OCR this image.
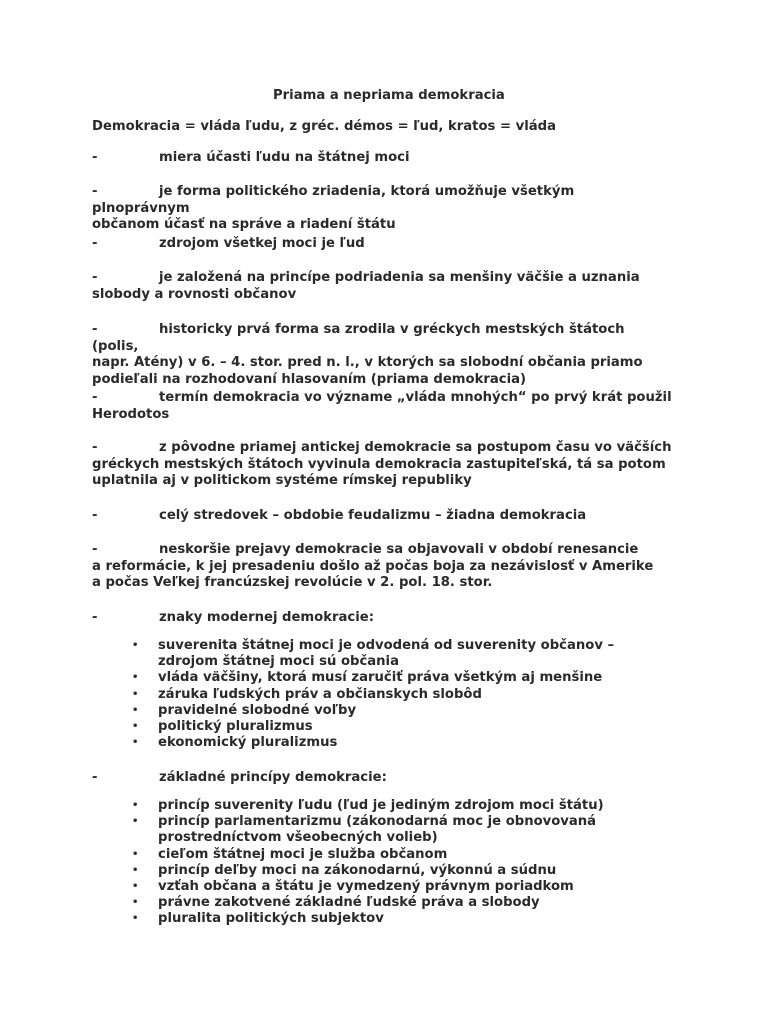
Priama a nepriama demokracia
Demokracia = vláda ľudu, z gréc. démos = ľud, kratos = vláda
-	miera účasti ľudu na štátnej moci
-	je forma politického zriadenia, ktorá umožňuje všetkým plnoprávnym
občanom účasť na správe a riadení štátu
-	zdrojom všetkej moci je ľud
-	je založená na princípe podriadenia sa menšiny väčšie a uznania
slobody a rovnosti občanov
-	historicky prvá forma sa zrodila v gréckych mestských štátoch (polis,
napr. Atény) v 6. – 4. stor. pred n. l., v ktorých sa slobodní občania priamo
podieľali na rozhodovaní hlasovaním (priama demokracia)
-	termín demokracia vo význame „vláda mnohých“ po prvý krát použil
Herodotos
-	z pôvodne priamej antickej demokracie sa postupom času vo väčších
gréckych mestských štátoch vyvinula demokracia zastupiteľská, tá sa potom
uplatnila aj v politickom systéme rímskej republiky
-	celý stredovek – obdobie feudalizmu – žiadna demokracia
-	neskoršie prejavy demokracie sa objavovali v období renesancie
a reformácie, k jej presadeniu došlo až počas boja za nezávislosť v Amerike
a počas Veľkej francúzskej revolúcie v 2. pol. 18. stor.
-	znaky modernej demokracie:
• suverenita štátnej moci je odvodená od suverenity občanov – zdrojom štátnej moci sú občania
• vláda väčšiny, ktorá musí zaručiť práva všetkým aj menšine
• záruka ľudských práv a občianskych slobôd
• pravidelné slobodné voľby
• politický pluralizmus
• ekonomický pluralizmus
-	základné princípy demokracie:
• princíp suverenity ľudu (ľud je jediným zdrojom moci štátu)
• princíp parlamentarizmu (zákonodarná moc je obnovovaná prostredníctvom všeobecných volieb)
• cieľom štátnej moci je služba občanom
• princíp deľby moci na zákonodarnú, výkonnú a súdnu
• vzťah občana a štátu je vymedzený právnym poriadkom
• právne zakotvené základné ľudské práva a slobody
• pluralita politických subjektov
